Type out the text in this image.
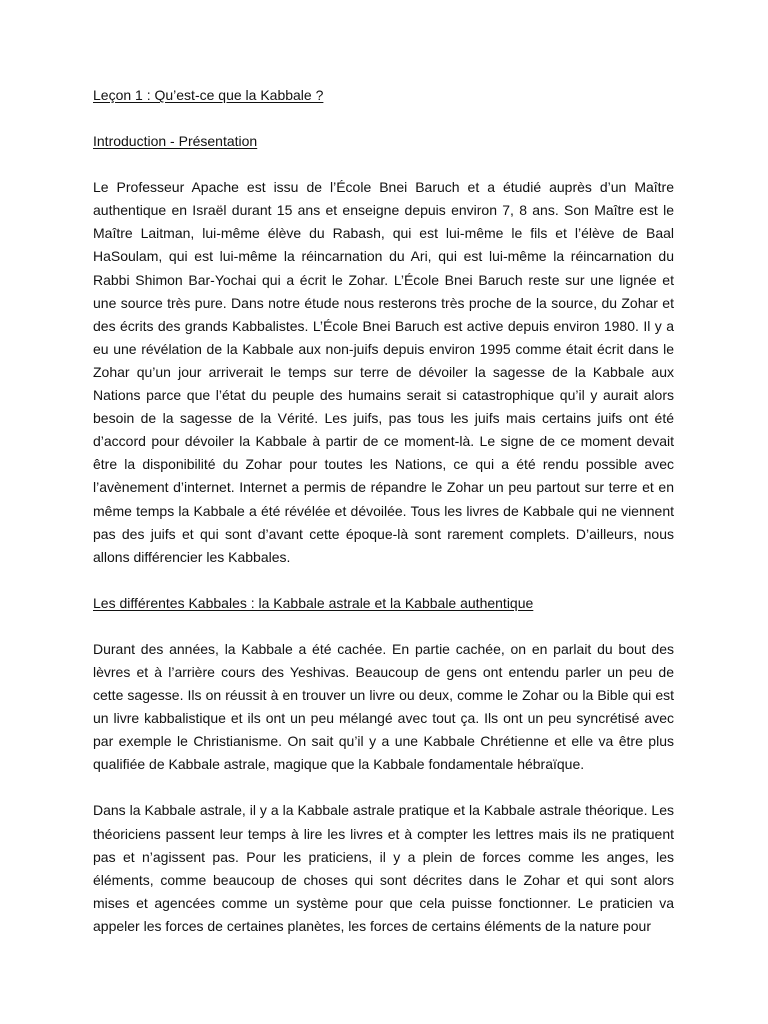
Leçon 1 : Qu’est-ce que la Kabbale ?

Introduction - Présentation

Le Professeur Apache est issu de l’École Bnei Baruch et a étudié auprès d’un Maître authentique en Israël durant 15 ans et enseigne depuis environ 7, 8 ans. Son Maître est le Maître Laitman, lui-même élève du Rabash, qui est lui-même le fils et l’élève de Baal HaSoulam, qui est lui-même la réincarnation du Ari, qui est lui-même la réincarnation du Rabbi Shimon Bar-Yochai qui a écrit le Zohar. L’École Bnei Baruch reste sur une lignée et une source très pure. Dans notre étude nous resterons très proche de la source, du Zohar et des écrits des grands Kabbalistes. L’École Bnei Baruch est active depuis environ 1980. Il y a eu une révélation de la Kabbale aux non-juifs depuis environ 1995 comme était écrit dans le Zohar qu’un jour arriverait le temps sur terre de dévoiler la sagesse de la Kabbale aux Nations parce que l’état du peuple des humains serait si catastrophique qu’il y aurait alors besoin de la sagesse de la Vérité. Les juifs, pas tous les juifs mais certains juifs ont été d’accord pour dévoiler la Kabbale à partir de ce moment-là. Le signe de ce moment devait être la disponibilité du Zohar pour toutes les Nations, ce qui a été rendu possible avec l’avènement d’internet. Internet a permis de répandre le Zohar un peu partout sur terre et en même temps la Kabbale a été révélée et dévoilée. Tous les livres de Kabbale qui ne viennent pas des juifs et qui sont d’avant cette époque-là sont rarement complets. D’ailleurs, nous allons différencier les Kabbales.

Les différentes Kabbales : la Kabbale astrale et la Kabbale authentique

Durant des années, la Kabbale a été cachée. En partie cachée, on en parlait du bout des lèvres et à l’arrière cours des Yeshivas. Beaucoup de gens ont entendu parler un peu de cette sagesse. Ils on réussit à en trouver un livre ou deux, comme le Zohar ou la Bible qui est un livre kabbalistique et ils ont un peu mélangé avec tout ça. Ils ont un peu syncrétisé avec par exemple le Christianisme. On sait qu’il y a une Kabbale Chrétienne et elle va être plus qualifiée de Kabbale astrale, magique que la Kabbale fondamentale hébraïque.

Dans la Kabbale astrale, il y a la Kabbale astrale pratique et la Kabbale astrale théorique. Les théoriciens passent leur temps à lire les livres et à compter les lettres mais ils ne pratiquent pas et n’agissent pas. Pour les praticiens, il y a plein de forces comme les anges, les éléments, comme beaucoup de choses qui sont décrites dans le Zohar et qui sont alors mises et agencées comme un système pour que cela puisse fonctionner. Le praticien va appeler les forces de certaines planètes, les forces de certains éléments de la nature pour
